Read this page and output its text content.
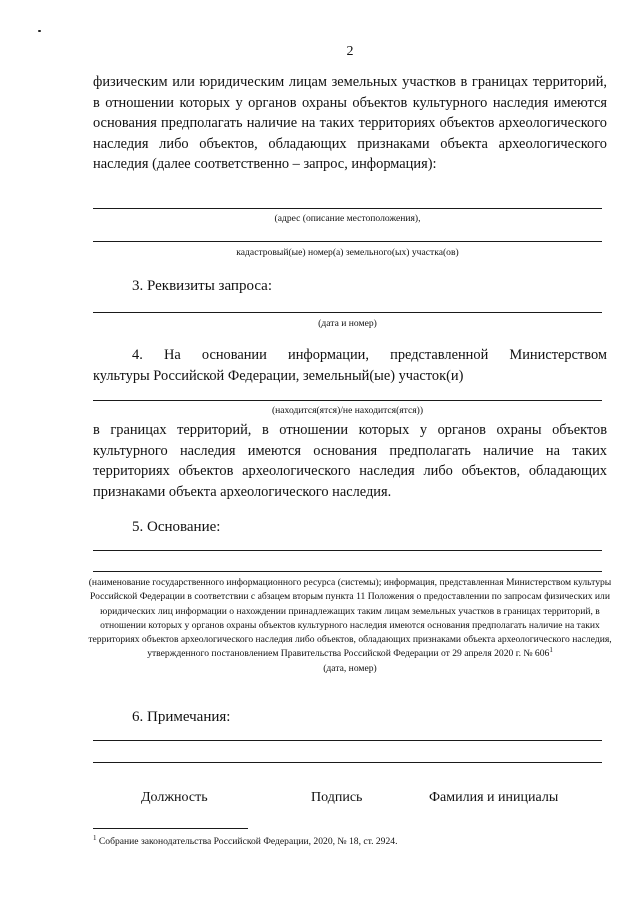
2
физическим или юридическим лицам земельных участков в границах территорий, в отношении которых у органов охраны объектов культурного наследия имеются основания предполагать наличие на таких территориях объектов археологического наследия либо объектов, обладающих признаками объекта археологического наследия (далее соответственно – запрос, информация):
(адрес (описание местоположения),
кадастровый(ые) номер(а) земельного(ых) участка(ов)
3. Реквизиты запроса:
(дата и номер)
4. На основании информации, представленной Министерством
культуры Российской Федерации, земельный(ые) участок(и)
(находится(ятся)/не находится(ятся))
в границах территорий, в отношении которых у органов охраны объектов культурного наследия имеются основания предполагать наличие на таких территориях объектов археологического наследия либо объектов, обладающих признаками объекта археологического наследия.
5. Основание:
(наименование государственного информационного ресурса (системы); информация, представленная Министерством культуры Российской Федерации в соответствии с абзацем вторым пункта 11 Положения о предоставлении по запросам физических или юридических лиц информации о нахождении принадлежащих таким лицам земельных участков в границах территорий, в отношении которых у органов охраны объектов культурного наследия имеются основания предполагать наличие на таких территориях объектов археологического наследия либо объектов, обладающих признаками объекта археологического наследия, утвержденного постановлением Правительства Российской Федерации от 29 апреля 2020 г. № $606^1$
(дата, номер)
6. Примечания:
Должность	Подпись	Фамилия и инициалы
$^1$ Собрание законодательства Российской Федерации, 2020, № 18, ст. 2924.
